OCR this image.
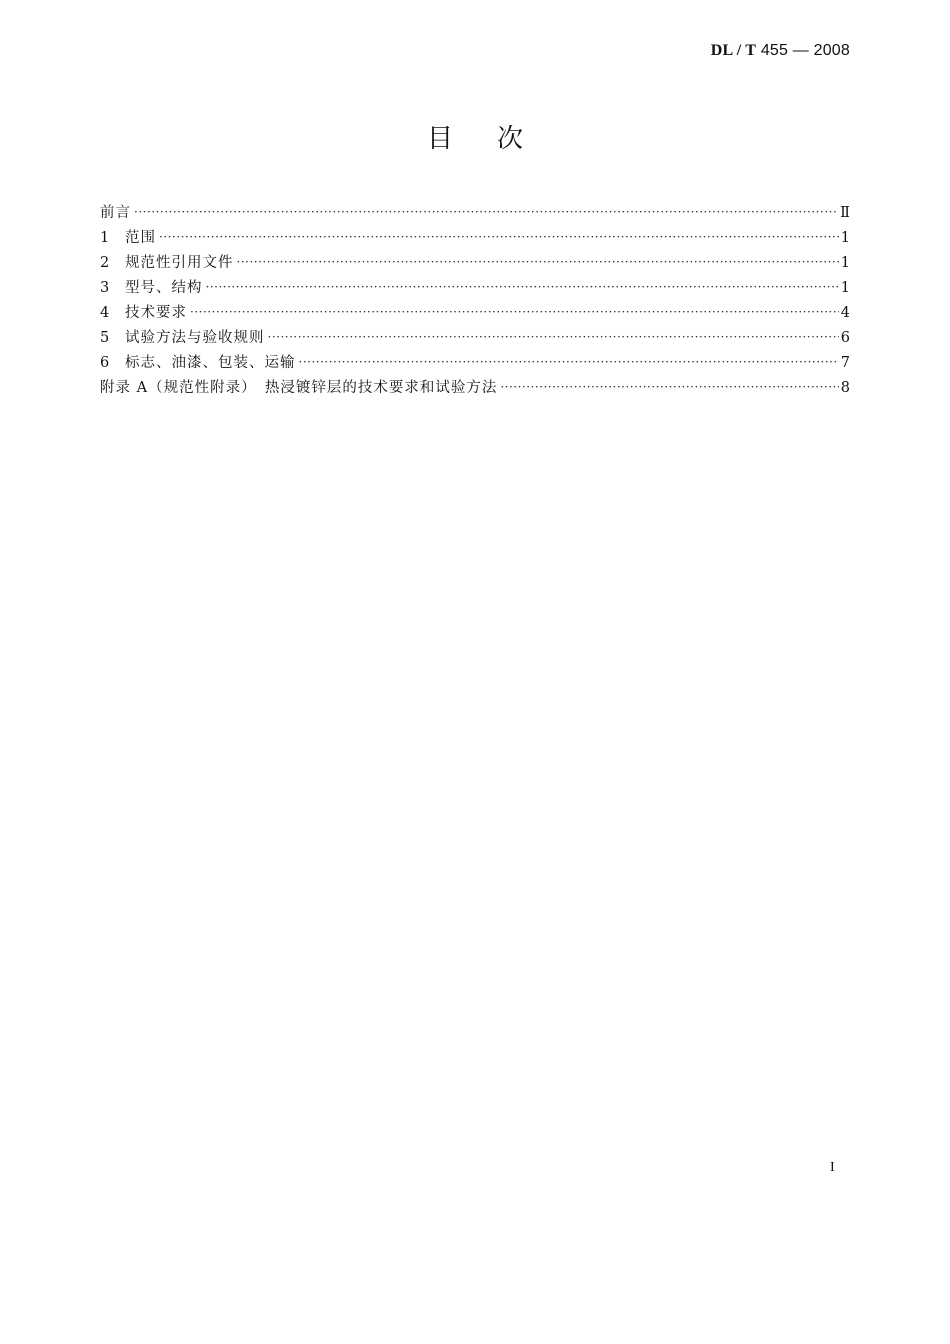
DL / T 455 — 2008
目 次
前言 ·····	Ⅱ
1	范围 ·····	1
2	规范性引用文件 ·····	1
3	型号、结构 ·····	1
4	技术要求 ·····	4
5	试验方法与验收规则 ·····	6
6	标志、油漆、包装、运输 ·····	7
附录 A（规范性附录）　热浸镀锌层的技术要求和试验方法 ·····	8
I
